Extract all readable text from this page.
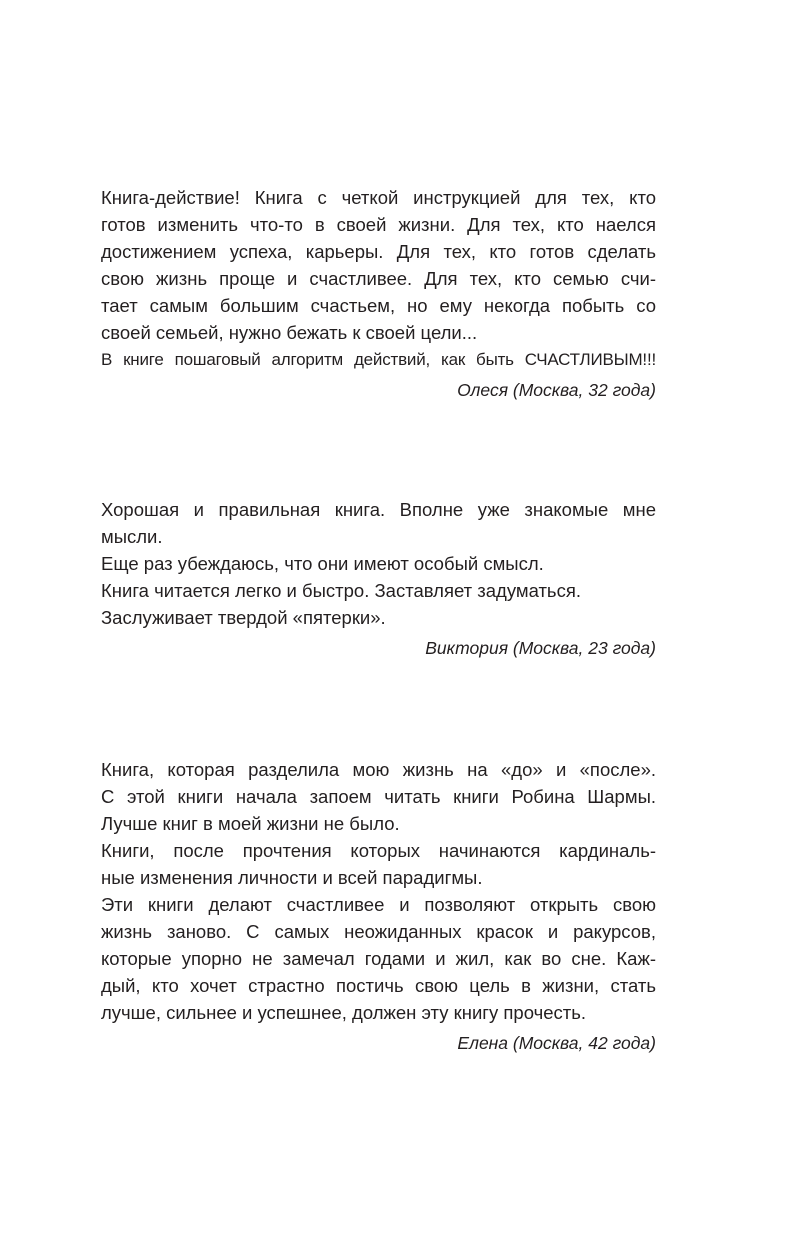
Книга-действие! Книга с четкой инструкцией для тех, кто
готов изменить что-то в своей жизни. Для тех, кто наелся
достижением успеха, карьеры. Для тех, кто готов сделать
свою жизнь проще и счастливее. Для тех, кто семью счи-
тает самым большим счастьем, но ему некогда побыть со
своей семьей, нужно бежать к своей цели...
В книге пошаговый алгоритм действий, как быть СЧАСТЛИВЫМ!!!
Олеся (Москва, 32 года)
Хорошая и правильная книга. Вполне уже знакомые мне
мысли.
Еще раз убеждаюсь, что они имеют особый смысл.
Книга читается легко и быстро. Заставляет задуматься.
Заслуживает твердой «пятерки».
Виктория (Москва, 23 года)
Книга, которая разделила мою жизнь на «до» и «после».
С этой книги начала запоем читать книги Робина Шармы.
Лучше книг в моей жизни не было.
Книги, после прочтения которых начинаются кардиналь-
ные изменения личности и всей парадигмы.
Эти книги делают счастливее и позволяют открыть свою
жизнь заново. С самых неожиданных красок и ракурсов,
которые упорно не замечал годами и жил, как во сне. Каж-
дый, кто хочет страстно постичь свою цель в жизни, стать
лучше, сильнее и успешнее, должен эту книгу прочесть.
Елена (Москва, 42 года)
